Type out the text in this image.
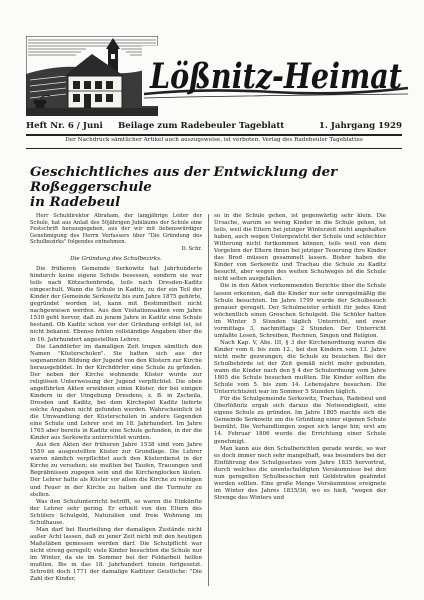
Lößnitz-Heimat
Heft Nr. 6 / Juni Beilage zum Radebeuler Tageblatt	1. Jahrgang 1929
Der Nachdruck sämtlicher Artikel auch auszugsweise, ist verboten. Verlag des Radebeuler Tageblattes
Geschichtliches aus der Entwicklung der Roßeggerschule
in Radebeul

Herr Schuldirektor Abraham, der langjährige Leiter der Schule, hat aus Anlaß des 50jährigen Jubiläums der Schule eine Festschrift herausgegeben, aus der wir mit liebenswürdiger Genehmigung des Herrn Verfassers über "Die Gründung des Schulbezirks" folgendes entnehmen.

D. Schr.

Die Gründung des Schulbezirks.

Die früheren Gemeinde Serkowitz hat Jahrhunderte hindurch keine eigene Schule besessen, sondern sie war teils nach Kötzschenbroda, teils nach Dresden-Kaditz eingeschult. Wann die Schule in Kaditz, zu der ein Teil der Kinder der Gemeinde Serkowitz bis zum Jahre 1875 gehörte, gegründet worden ist, kann mit Bestimmtheit nicht nachgewiesen werden. Aus den Visitationsakten vom Jahre 1539 geht hervor, daß zu jenem Jahre in Kaditz eine Schule bestand. Ob Kaditz schon vor der Gründung erfolgt ist, ist nicht bekannt. Ebenso fehlen vollständige Angaben über die in 16. Jahrhundert angestellten Lehrer.

Die Landdörfer im damaligen Zeit trugen sämtlich den Namen "Küsterschulen". Sie hatten sich aus der sogenannten Bildung der Jugend von den Küstern zur Kirche herausgebildet. In der Kirchdörfer eine Schule zu gründen. Der neben der Kirche wohnende Küster wurde zur religiösen Unterweisung der Jugend verpflichtet. Die oben angeführten Akten erwähnen einen Küster, der bei einigen Kindern in der Umgebung Dresdens, z. B. in Zscheila, Dresden und Kaditz, bei dem Kirchspiel Kaditz lieferte solche Angaben nicht gefunden werden. Wahrscheinlich ist die Umwandlung der Küsterschulen in andere Gegenden eine Schule und Lehrer erst im 18. Jahrhundert. Im Jahre 1765 aber bereits in Kaditz eine Schule gefunden, in der die Kinder aus Serkowitz unterrichtet wurden.

Aus den Akten der früheren Jahre 1538 sind vom Jahre 1559 an ausgestellten Küster zur Grundlage. Die Lehrer waren nämlich verpflichtet auch den Küsterdienst in der Kirche zu versehen; sie mußten bei Taufen, Trauungen und Begräbnissen zugegen sein und die Kirchenglocken läuten. Der Lehrer hatte als Küster vor allem die Kirche zu reinigen und Feuer in der Kirche zu halten und die Turmuhr zu stellen.

Was den Schulunterricht betrifft, so waren die Einkünfte der Lehrer sehr gering. Er erhielt von den Eltern des Schülers Schulgeld, Naturalien und freie Wohnung im Schulhause.

Man darf bei Beurteilung der damaligen Zustände nicht außer Acht lassen, daß zu jener Zeit nicht mit den heutigen Maßstäben gemessen werden darf. Die Schulpflicht war nicht streng geregelt; viele Kinder besuchten die Schule nur im Winter, da sie im Sommer bei der Feldarbeit helfen mußten. Bis in das 18. Jahrhundert hinein fortgesetzt. Schreibt doch 1771 der damalige Kaditzer Geistliche: "Die Zahl der Kinder,

so in die Schule gehen, ist gegenwärtig sehr klein. Die Ursache, warum so wenig Kinder in die Schule gehen, ist teils, weil die Eltern bei jetziger Winterzeit nicht angehalten haben, auch wegen Untergewicht der Schule und schlechter Witterung nicht fortkommen können, teils weil von dem Vorgehen der Eltern ihnen bei jetziger Teuerung ihre Kinder das Brod müssen gesammelt lassen. Bisher haben die Kinder von Serkowitz und Trachau die Schule zu Kaditz besucht, aber wegen des weiten Schulweges ist die Schule nicht selten ausgefallen.

Die in den Akten vorkommenden Berichte über die Schule lassen erkennen, daß die Kinder nur sehr unregelmäßig die Schule besuchten. Im Jahre 1799 wurde der Schulbesuch genauer geregelt. Der Schulmeister erhielt für jedes Kind wöchentlich einen Groschen Schulgeld. Die Schüler hatten im Winter 5 Stunden täglich Unterricht, und zwar vormittags 3, nachmittags 2 Stunden. Der Unterricht umfaßte Lesen, Schreiben, Rechnen, Singen und Religion.

Nach Kap. V, Abs. III, § 3 der Kirchenordnung waren die Kinder vom 6. bis zum 12., bei den Kindern vom 13. Jahre nicht mehr gezwungen, die Schule zu besuchen. Bei der Schulbehörde ist der Zeit gemäß nicht mehr gebunden, wann die Kinder nach den § 4 der Schulordnung vom Jahre 1805 die Schule besuchen mußten. Die Kinder sollten die Schule vom 5. bis zum 14. Lebensjahre besuchen. Die Unterrichtszeit war im Sommer 5 Stunden täglich.

Für die Schulgemeinde Serkowitz, Trachau, Radebeul und Oberlößnitz ergab sich daraus die Notwendigkeit, eine eigene Schule zu gründen. Im Jahre 1805 machte sich die Gemeinde Serkowitz um die Gründung einer eigenen Schule bemüht. Die Verhandlungen zogen sich lange hin; erst am 14. Februar 1806 wurde die Errichtung einer Schule genehmigt.

Man kann aus den Schulberichten gerade wurde, so war es doch immer noch sehr mangelhaft, was besonders bei der Einführung des Schulgesetzes vom Jahre 1835 hervortrat, durch welches die unentschuldigten Versäumnisse bei den nun geregelten Schulbesuchen mit Geldstrafen geahndet werden sollten. Eine große Menge Versäumnisse ereignete im Winter des Jahres 1835/36, wo es hieß, "wegen der Strenge des Winters und
